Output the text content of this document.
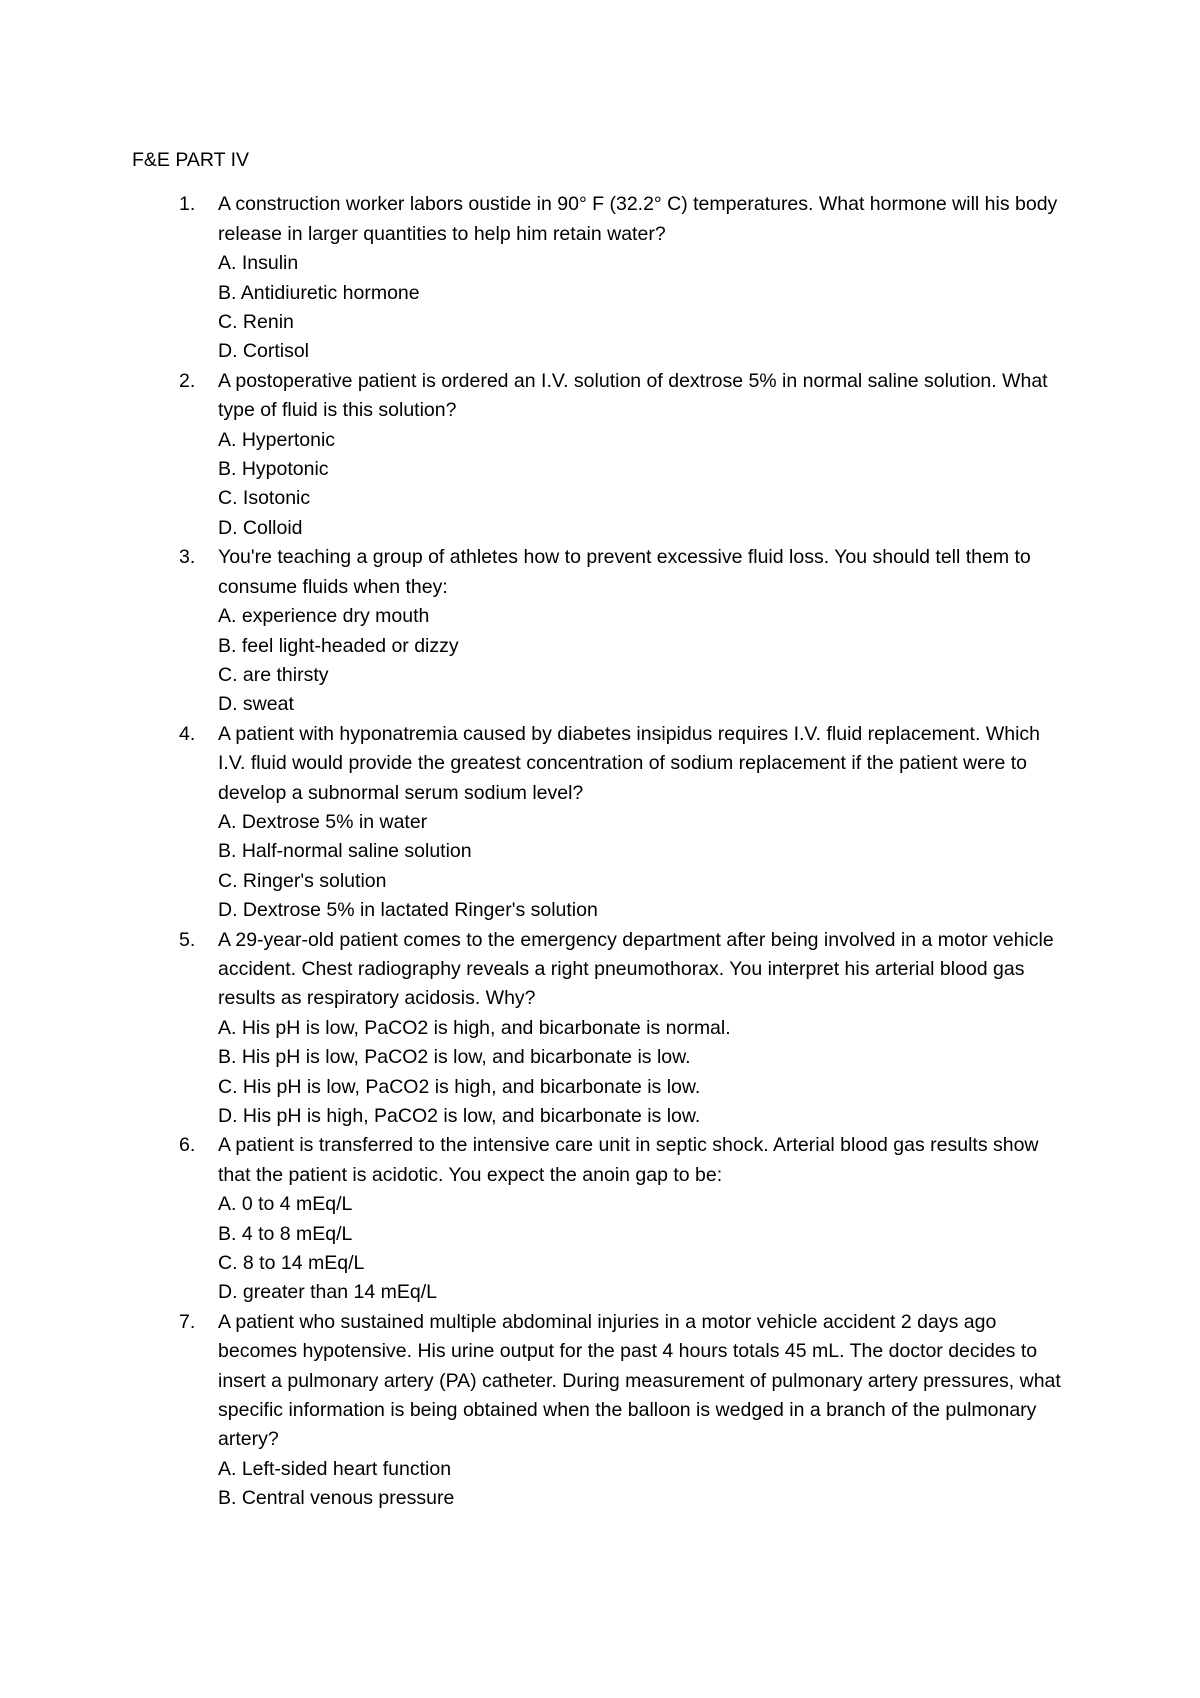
F&E PART IV
1. A construction worker labors oustide in 90° F (32.2° C) temperatures. What hormone will his body release in larger quantities to help him retain water?
A. Insulin
B. Antidiuretic hormone
C. Renin
D. Cortisol
2. A postoperative patient is ordered an I.V. solution of dextrose 5% in normal saline solution. What type of fluid is this solution?
A. Hypertonic
B. Hypotonic
C. Isotonic
D. Colloid
3. You're teaching a group of athletes how to prevent excessive fluid loss. You should tell them to consume fluids when they:
A. experience dry mouth
B. feel light-headed or dizzy
C. are thirsty
D. sweat
4. A patient with hyponatremia caused by diabetes insipidus requires I.V. fluid replacement. Which I.V. fluid would provide the greatest concentration of sodium replacement if the patient were to develop a subnormal serum sodium level?
A. Dextrose 5% in water
B. Half-normal saline solution
C. Ringer's solution
D. Dextrose 5% in lactated Ringer's solution
5. A 29-year-old patient comes to the emergency department after being involved in a motor vehicle accident. Chest radiography reveals a right pneumothorax. You interpret his arterial blood gas results as respiratory acidosis. Why?
A. His pH is low, PaCO2 is high, and bicarbonate is normal.
B. His pH is low, PaCO2 is low, and bicarbonate is low.
C. His pH is low, PaCO2 is high, and bicarbonate is low.
D. His pH is high, PaCO2 is low, and bicarbonate is low.
6. A patient is transferred to the intensive care unit in septic shock. Arterial blood gas results show that the patient is acidotic. You expect the anoin gap to be:
A. 0 to 4 mEq/L
B. 4 to 8 mEq/L
C. 8 to 14 mEq/L
D. greater than 14 mEq/L
7. A patient who sustained multiple abdominal injuries in a motor vehicle accident 2 days ago becomes hypotensive. His urine output for the past 4 hours totals 45 mL. The doctor decides to insert a pulmonary artery (PA) catheter. During measurement of pulmonary artery pressures, what specific information is being obtained when the balloon is wedged in a branch of the pulmonary artery?
A. Left-sided heart function
B. Central venous pressure
